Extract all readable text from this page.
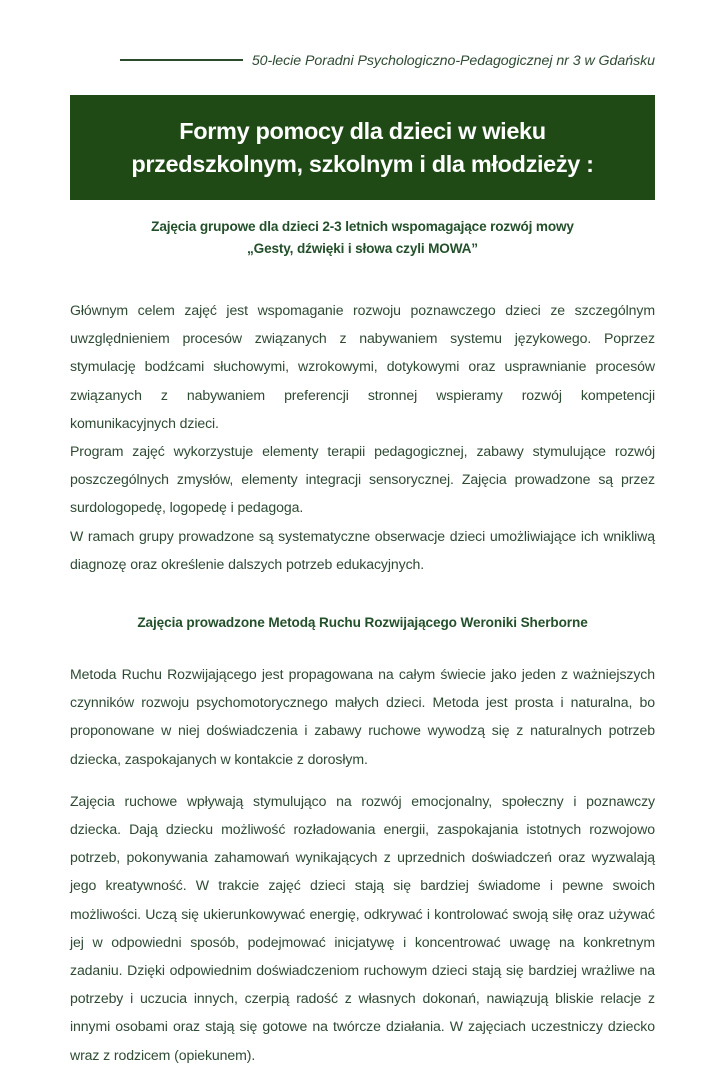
50-lecie Poradni Psychologiczno-Pedagogicznej nr 3 w Gdańsku
Formy pomocy dla dzieci w wieku
przedszkolnym, szkolnym i dla młodzieży :

Zajęcia grupowe dla dzieci 2-3 letnich wspomagające rozwój mowy

„Gesty, dźwięki i słowa czyli MOWA”

Głównym celem zajęć jest wspomaganie rozwoju poznawczego dzieci ze szczególnym uwzględnieniem procesów związanych z nabywaniem systemu językowego. Poprzez stymulację bodźcami słuchowymi, wzrokowymi, dotykowymi oraz usprawnianie procesów związanych z nabywaniem preferencji stronnej wspieramy rozwój kompetencji komunikacyjnych dzieci.

Program zajęć wykorzystuje elementy terapii pedagogicznej, zabawy stymulujące rozwój poszczególnych zmysłów, elementy integracji sensorycznej. Zajęcia prowadzone są przez surdologopedę, logopedę i pedagoga.

W ramach grupy prowadzone są systematyczne obserwacje dzieci umożliwiające ich wnikliwą diagnozę oraz określenie dalszych potrzeb edukacyjnych.

Zajęcia prowadzone Metodą Ruchu Rozwijającego Weroniki Sherborne

Metoda Ruchu Rozwijającego jest propagowana na całym świecie jako jeden z ważniejszych czynników rozwoju psychomotorycznego małych dzieci. Metoda jest prosta i naturalna, bo proponowane w niej doświadczenia i zabawy ruchowe wywodzą się z naturalnych potrzeb dziecka, zaspokajanych w kontakcie z dorosłym.

Zajęcia ruchowe wpływają stymulująco na rozwój emocjonalny, społeczny i poznawczy dziecka. Dają dziecku możliwość rozładowania energii, zaspokajania istotnych rozwojowo potrzeb, pokonywania zahamowań wynikających z uprzednich doświadczeń oraz wyzwalają jego kreatywność. W trakcie zajęć dzieci stają się bardziej świadome i pewne swoich możliwości. Uczą się ukierunkowywać energię, odkrywać i kontrolować swoją siłę oraz używać jej w odpowiedni sposób, podejmować inicjatywę i koncentrować uwagę na konkretnym zadaniu. Dzięki odpowiednim doświadczeniom ruchowym dzieci stają się bardziej wrażliwe na potrzeby i uczucia innych, czerpią radość z własnych dokonań, nawiązują bliskie relacje z innymi osobami oraz stają się gotowe na twórcze działania. W zajęciach uczestniczy dziecko wraz z rodzicem (opiekunem).
